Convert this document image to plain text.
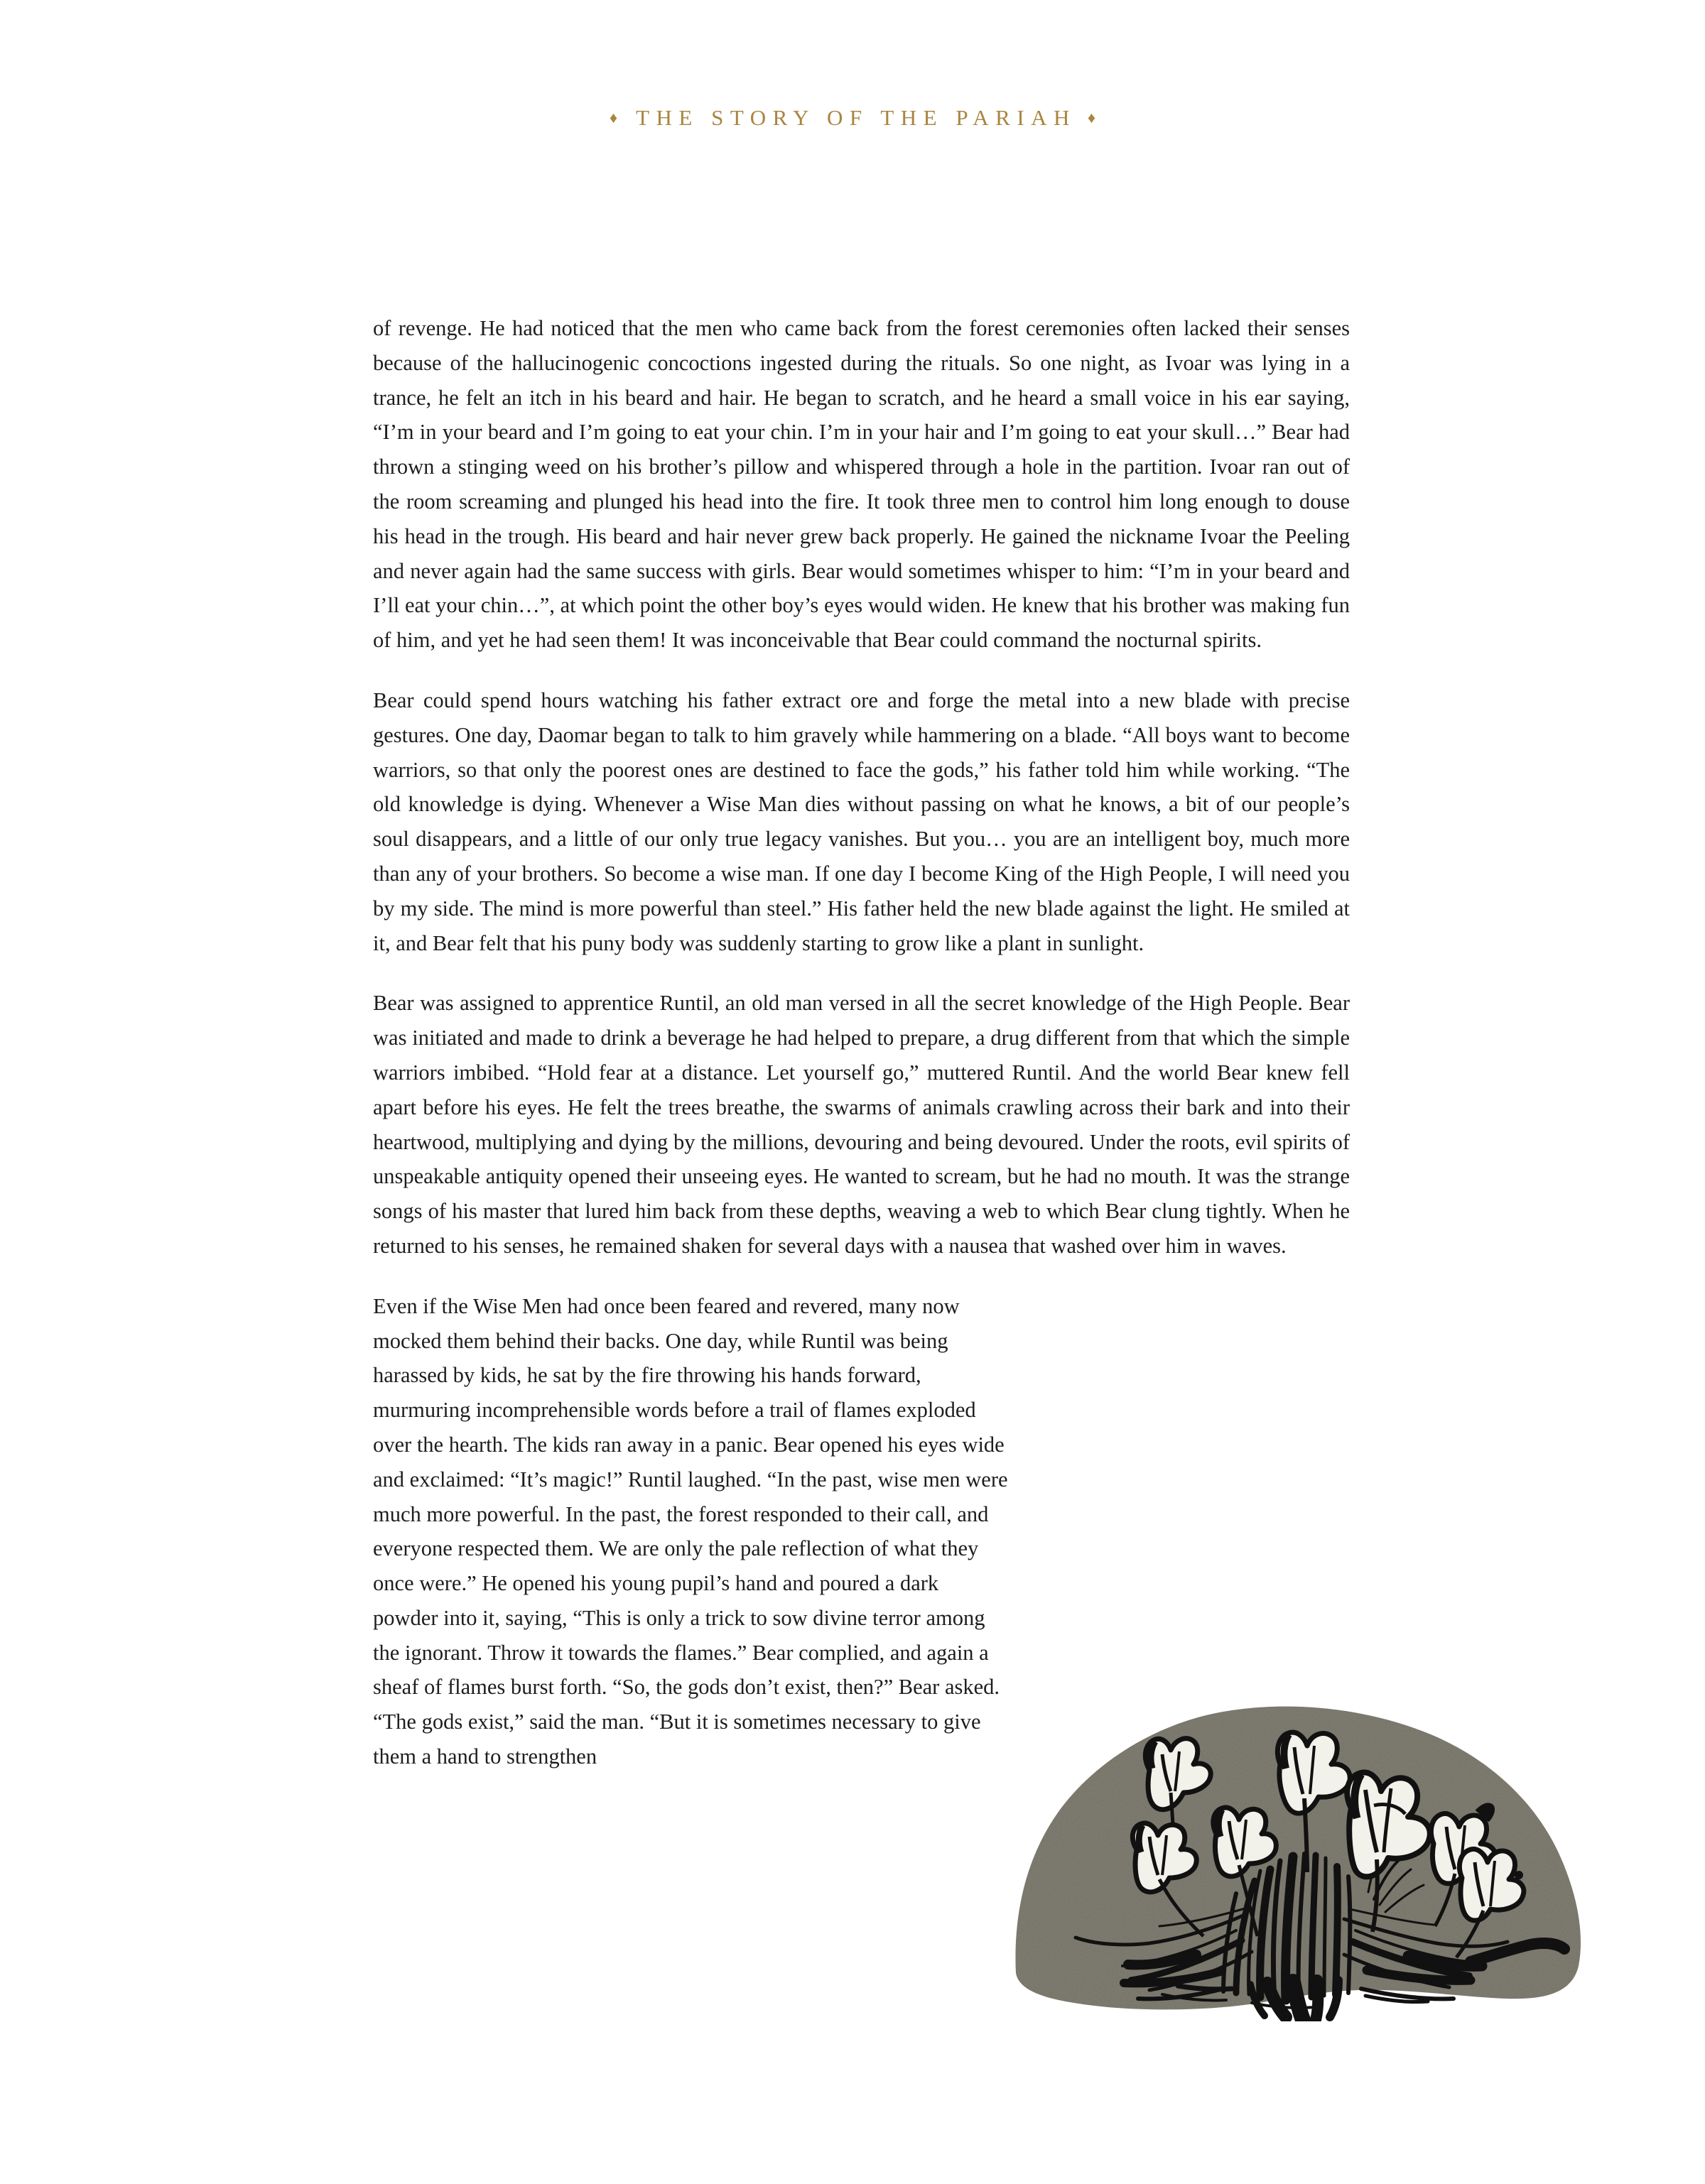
♦ THE STORY OF THE PARIAH ♦

of revenge. He had noticed that the men who came back from the forest ceremonies often lacked their senses because of the hallucinogenic concoctions ingested during the rituals. So one night, as Ivoar was lying in a trance, he felt an itch in his beard and hair. He began to scratch, and he heard a small voice in his ear saying, “I’m in your beard and I’m going to eat your chin. I’m in your hair and I’m going to eat your skull…” Bear had thrown a stinging weed on his brother’s pillow and whispered through a hole in the partition. Ivoar ran out of the room screaming and plunged his head into the fire. It took three men to control him long enough to douse his head in the trough. His beard and hair never grew back properly. He gained the nickname Ivoar the Peeling and never again had the same success with girls. Bear would sometimes whisper to him: “I’m in your beard and I’ll eat your chin…”, at which point the other boy’s eyes would widen. He knew that his brother was making fun of him, and yet he had seen them! It was inconceivable that Bear could command the nocturnal spirits.

Bear could spend hours watching his father extract ore and forge the metal into a new blade with precise gestures. One day, Daomar began to talk to him gravely while hammering on a blade. “All boys want to become warriors, so that only the poorest ones are destined to face the gods,” his father told him while working. “The old knowledge is dying. Whenever a Wise Man dies without passing on what he knows, a bit of our people’s soul disappears, and a little of our only true legacy vanishes. But you… you are an intelligent boy, much more than any of your brothers. So become a wise man. If one day I become King of the High People, I will need you by my side. The mind is more powerful than steel.” His father held the new blade against the light. He smiled at it, and Bear felt that his puny body was suddenly starting to grow like a plant in sunlight.

Bear was assigned to apprentice Runtil, an old man versed in all the secret knowledge of the High People. Bear was initiated and made to drink a beverage he had helped to prepare, a drug different from that which the simple warriors imbibed. “Hold fear at a distance. Let yourself go,” muttered Runtil. And the world Bear knew fell apart before his eyes. He felt the trees breathe, the swarms of animals crawling across their bark and into their heartwood, multiplying and dying by the millions, devouring and being devoured. Under the roots, evil spirits of unspeakable antiquity opened their unseeing eyes. He wanted to scream, but he had no mouth. It was the strange songs of his master that lured him back from these depths, weaving a web to which Bear clung tightly. When he returned to his senses, he remained shaken for several days with a nausea that washed over him in waves.

Even if the Wise Men had once been feared and revered, many now mocked them behind their backs. One day, while Runtil was being harassed by kids, he sat by the fire throwing his hands forward, murmuring incomprehensible words before a trail of flames exploded over the hearth. The kids ran away in a panic. Bear opened his eyes wide and exclaimed: “It’s magic!” Runtil laughed. “In the past, wise men were much more powerful. In the past, the forest responded to their call, and everyone respected them. We are only the pale reflection of what they once were.” He opened his young pupil’s hand and poured a dark powder into it, saying, “This is only a trick to sow divine terror among the ignorant. Throw it towards the flames.” Bear complied, and again a sheaf of flames burst forth. “So, the gods don’t exist, then?” Bear asked. “The gods exist,” said the man. “But it is sometimes necessary to give them a hand to strengthen
